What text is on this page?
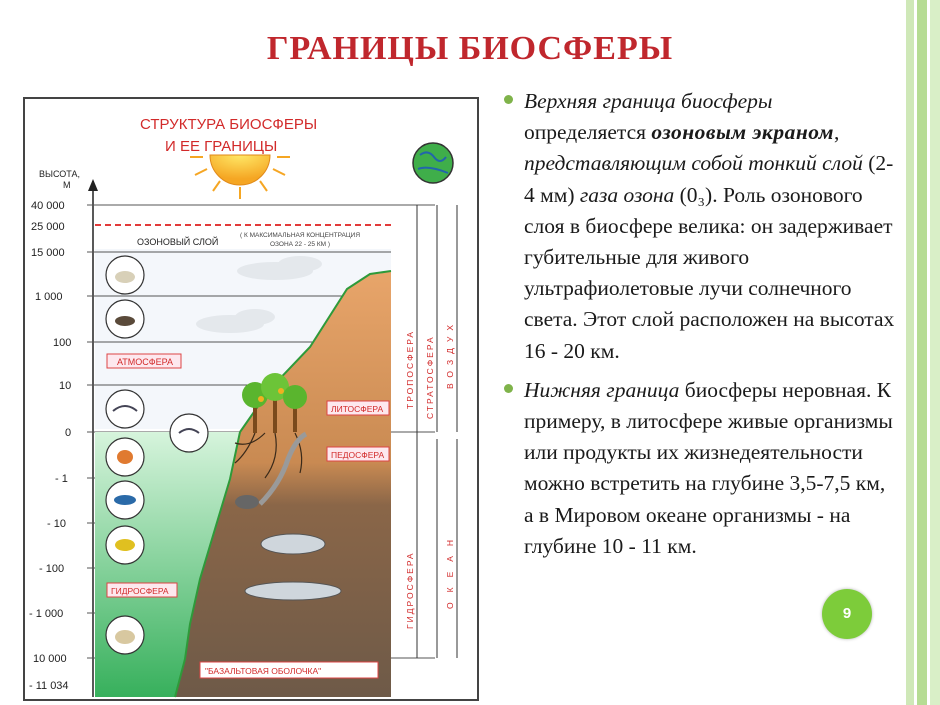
ГРАНИЦЫ БИОСФЕРЫ
СТРУКТУРА БИОСФЕРЫ
И ЕЕ ГРАНИЦЫ
ВЫСОТА,
М
ОЗОНОВЫЙ СЛОЙ
( К МАКСИМАЛЬНАЯ КОНЦЕНТРАЦИЯ
ОЗОНА 22 - 25 КМ )
АТМОСФЕРА
ЛИТОСФЕРА
ПЕДОСФЕРА
ГИДРОСФЕРА
"БАЗАЛЬТОВАЯ ОБОЛОЧКА"
ТРОПОСФЕРА СТРАТОСФЕРА ВОЗДУХ
ГИДРОСФЕРА	ОКЕАН
40 000
25 000
15 000
1 000
100
10
0
- 1
- 10
- 100
- 1 000
10 000
- 11 034

Верхняя граница биосферы определяется озоновым экраном, представляющим собой тонкий слой (2-4 мм) газа озона (0₃). Роль озонового слоя в биосфере велика: он задерживает губительные для живого ультрафиолетовые лучи солнечного света. Этот слой расположен на высотах 16 - 20 км.

Нижняя граница биосферы неровная. К примеру, в литосфере живые организмы или продукты их жизнедеятельности можно встретить на глубине 3,5-7,5 км, а в Мировом океане организмы - на глубине 10 - 11 км.

9
